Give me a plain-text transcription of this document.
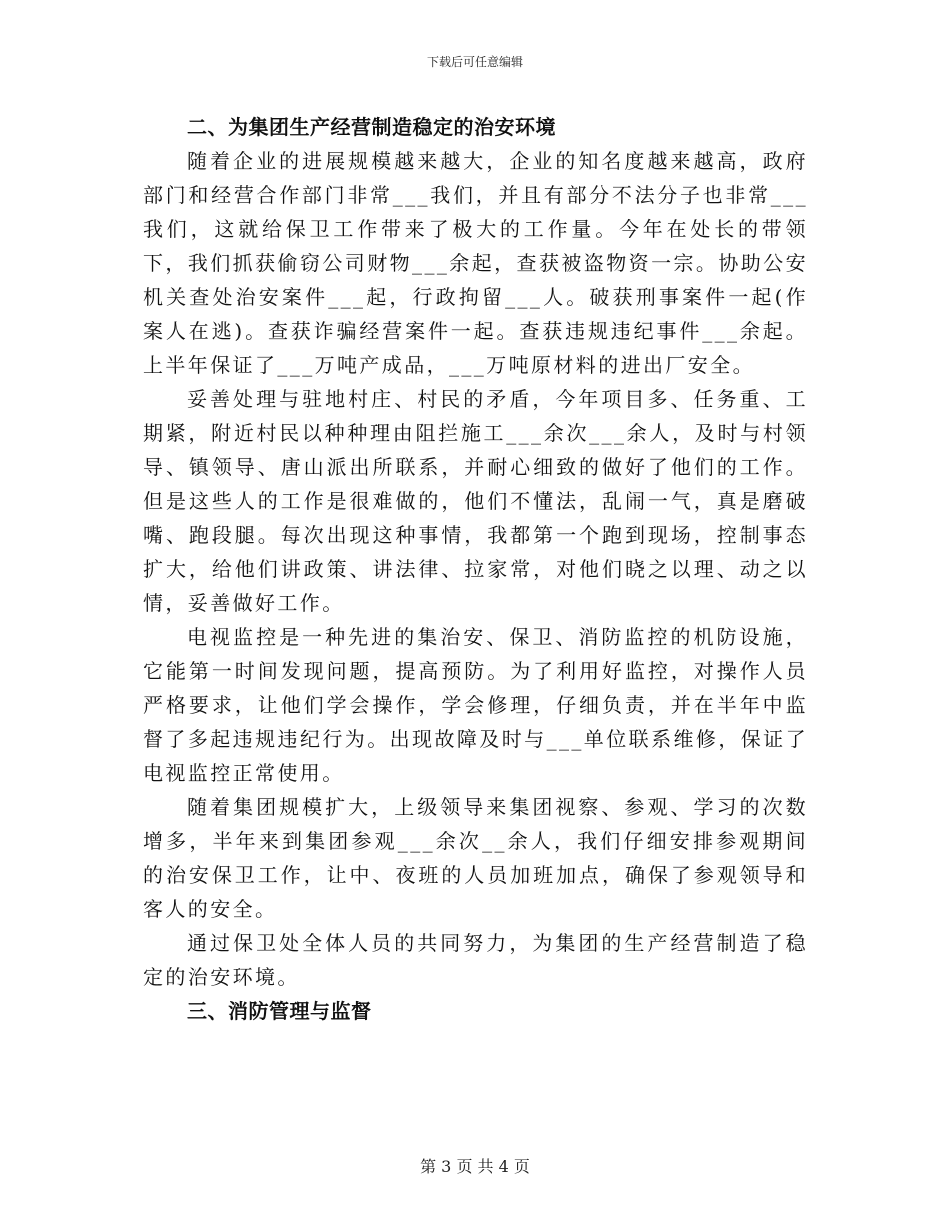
下载后可任意编辑

二、为集团生产经营制造稳定的治安环境

随着企业的进展规模越来越大，企业的知名度越来越高，政府部门和经营合作部门非常___我们，并且有部分不法分子也非常___我们，这就给保卫工作带来了极大的工作量。今年在处长的带领下，我们抓获偷窃公司财物___余起，查获被盗物资一宗。协助公安机关查处治安案件___起，行政拘留___人。破获刑事案件一起(作案人在逃)。查获诈骗经营案件一起。查获违规违纪事件___余起。上半年保证了___万吨产成品，___万吨原材料的进出厂安全。

妥善处理与驻地村庄、村民的矛盾，今年项目多、任务重、工期紧，附近村民以种种理由阻拦施工___余次___余人，及时与村领导、镇领导、唐山派出所联系，并耐心细致的做好了他们的工作。但是这些人的工作是很难做的，他们不懂法，乱闹一气，真是磨破嘴、跑段腿。每次出现这种事情，我都第一个跑到现场，控制事态扩大，给他们讲政策、讲法律、拉家常，对他们晓之以理、动之以情，妥善做好工作。

电视监控是一种先进的集治安、保卫、消防监控的机防设施，它能第一时间发现问题，提高预防。为了利用好监控，对操作人员严格要求，让他们学会操作，学会修理，仔细负责，并在半年中监督了多起违规违纪行为。出现故障及时与___单位联系维修，保证了电视监控正常使用。

随着集团规模扩大，上级领导来集团视察、参观、学习的次数增多，半年来到集团参观___余次__余人，我们仔细安排参观期间的治安保卫工作，让中、夜班的人员加班加点，确保了参观领导和客人的安全。

通过保卫处全体人员的共同努力，为集团的生产经营制造了稳定的治安环境。

三、消防管理与监督

第 3 页 共 4 页
